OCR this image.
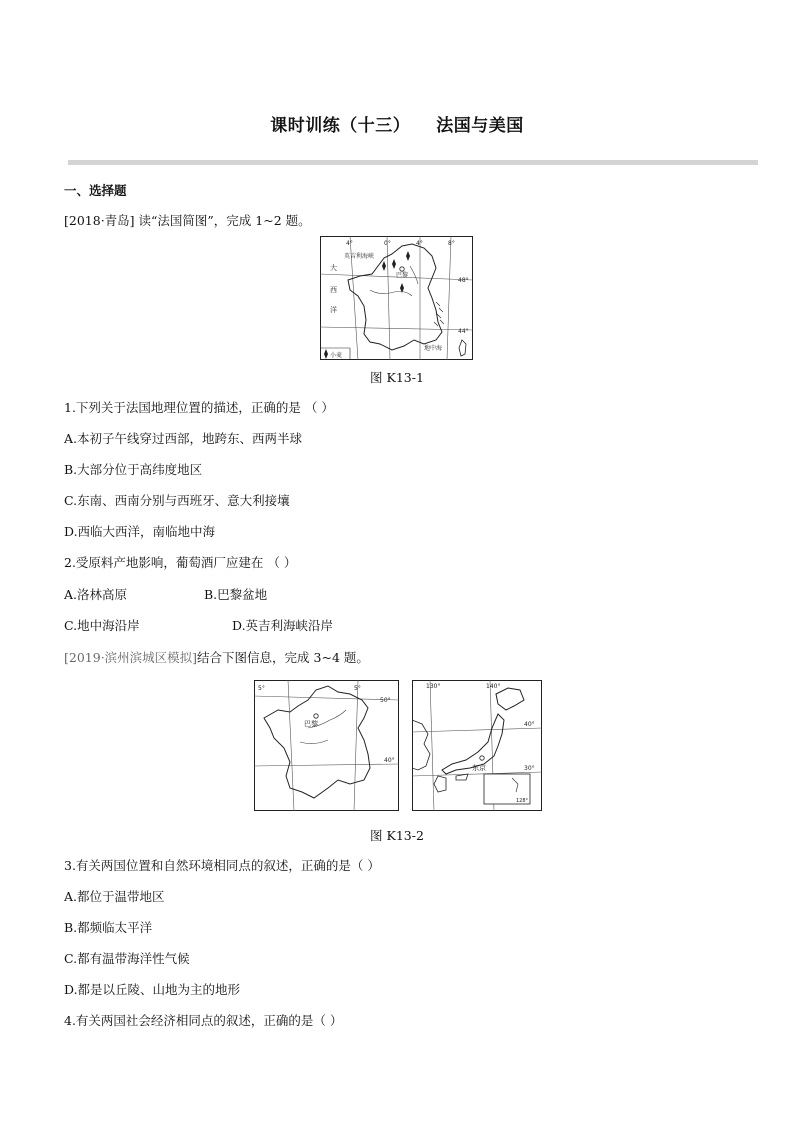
课时训练（十三） 法国与美国
一、选择题
[2018·青岛] 读“法国简图”，完成 1~2 题。
4°	0°	4°	8°
48°
44°
英吉利海峡
大
西
洋
巴黎
地中海
小麦
图 K13-1
1.下列关于法国地理位置的描述，正确的是 （ ）
A.本初子午线穿过西部，地跨东、西两半球
B.大部分位于高纬度地区
C.东南、西南分别与西班牙、意大利接壤
D.西临大西洋，南临地中海
2.受原料产地影响，葡萄酒厂应建在 （ ）
A.洛林高原	B.巴黎盆地
C.地中海沿岸	D.英吉利海峡沿岸
[2019·滨州滨城区模拟]结合下图信息，完成 3~4 题。
5°	5°
50°
40°
巴黎
130°	140°
40°
30°
东京
128°
图 K13-2
3.有关两国位置和自然环境相同点的叙述，正确的是（ ）
A.都位于温带地区
B.都频临太平洋
C.都有温带海洋性气候
D.都是以丘陵、山地为主的地形
4.有关两国社会经济相同点的叙述，正确的是（ ）
